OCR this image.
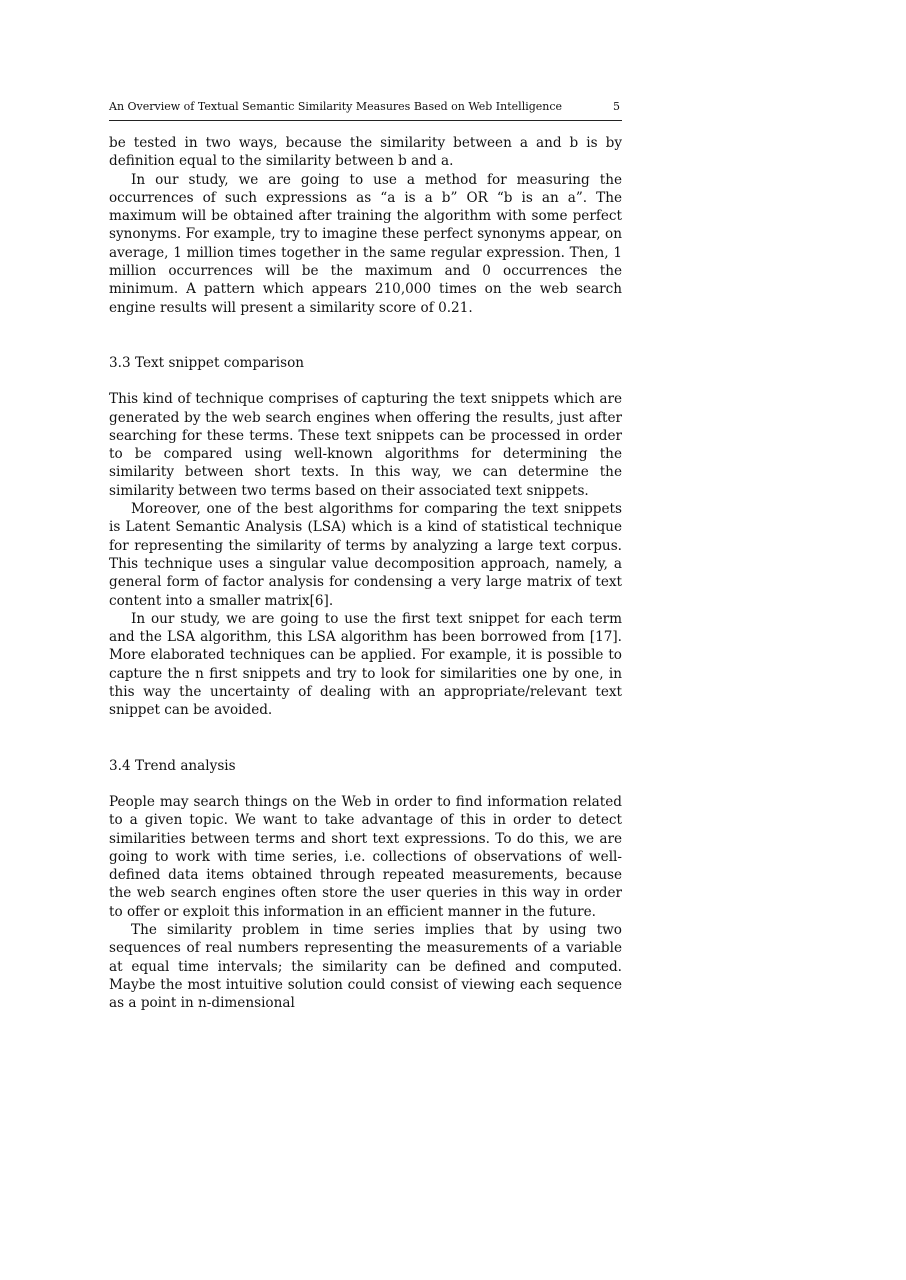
An Overview of Textual Semantic Similarity Measures Based on Web Intelligence	5

be tested in two ways, because the similarity between a and b is by definition equal to the similarity between b and a.

In our study, we are going to use a method for measuring the occurrences of such expressions as “a is a b” OR “b is an a”. The maximum will be obtained after training the algorithm with some perfect synonyms. For example, try to imagine these perfect synonyms appear, on average, 1 million times together in the same regular expression. Then, 1 million occurrences will be the maximum and 0 occurrences the minimum. A pattern which appears 210,000 times on the web search engine results will present a similarity score of 0.21.

3.3 Text snippet comparison

This kind of technique comprises of capturing the text snippets which are generated by the web search engines when offering the results, just after searching for these terms. These text snippets can be processed in order to be compared using well-known algorithms for determining the similarity between short texts. In this way, we can determine the similarity between two terms based on their associated text snippets.

Moreover, one of the best algorithms for comparing the text snippets is Latent Semantic Analysis (LSA) which is a kind of statistical technique for representing the similarity of terms by analyzing a large text corpus. This technique uses a singular value decomposition approach, namely, a general form of factor analysis for condensing a very large matrix of text content into a smaller matrix[6].

In our study, we are going to use the first text snippet for each term and the LSA algorithm, this LSA algorithm has been borrowed from [17]. More elaborated techniques can be applied. For example, it is possible to capture the n first snippets and try to look for similarities one by one, in this way the uncertainty of dealing with an appropriate/relevant text snippet can be avoided.

3.4 Trend analysis

People may search things on the Web in order to find information related to a given topic. We want to take advantage of this in order to detect similarities between terms and short text expressions. To do this, we are going to work with time series, i.e. collections of observations of well-defined data items obtained through repeated measurements, because the web search engines often store the user queries in this way in order to offer or exploit this information in an efficient manner in the future.

The similarity problem in time series implies that by using two sequences of real numbers representing the measurements of a variable at equal time intervals; the similarity can be defined and computed. Maybe the most intuitive solution could consist of viewing each sequence as a point in n-dimensional
